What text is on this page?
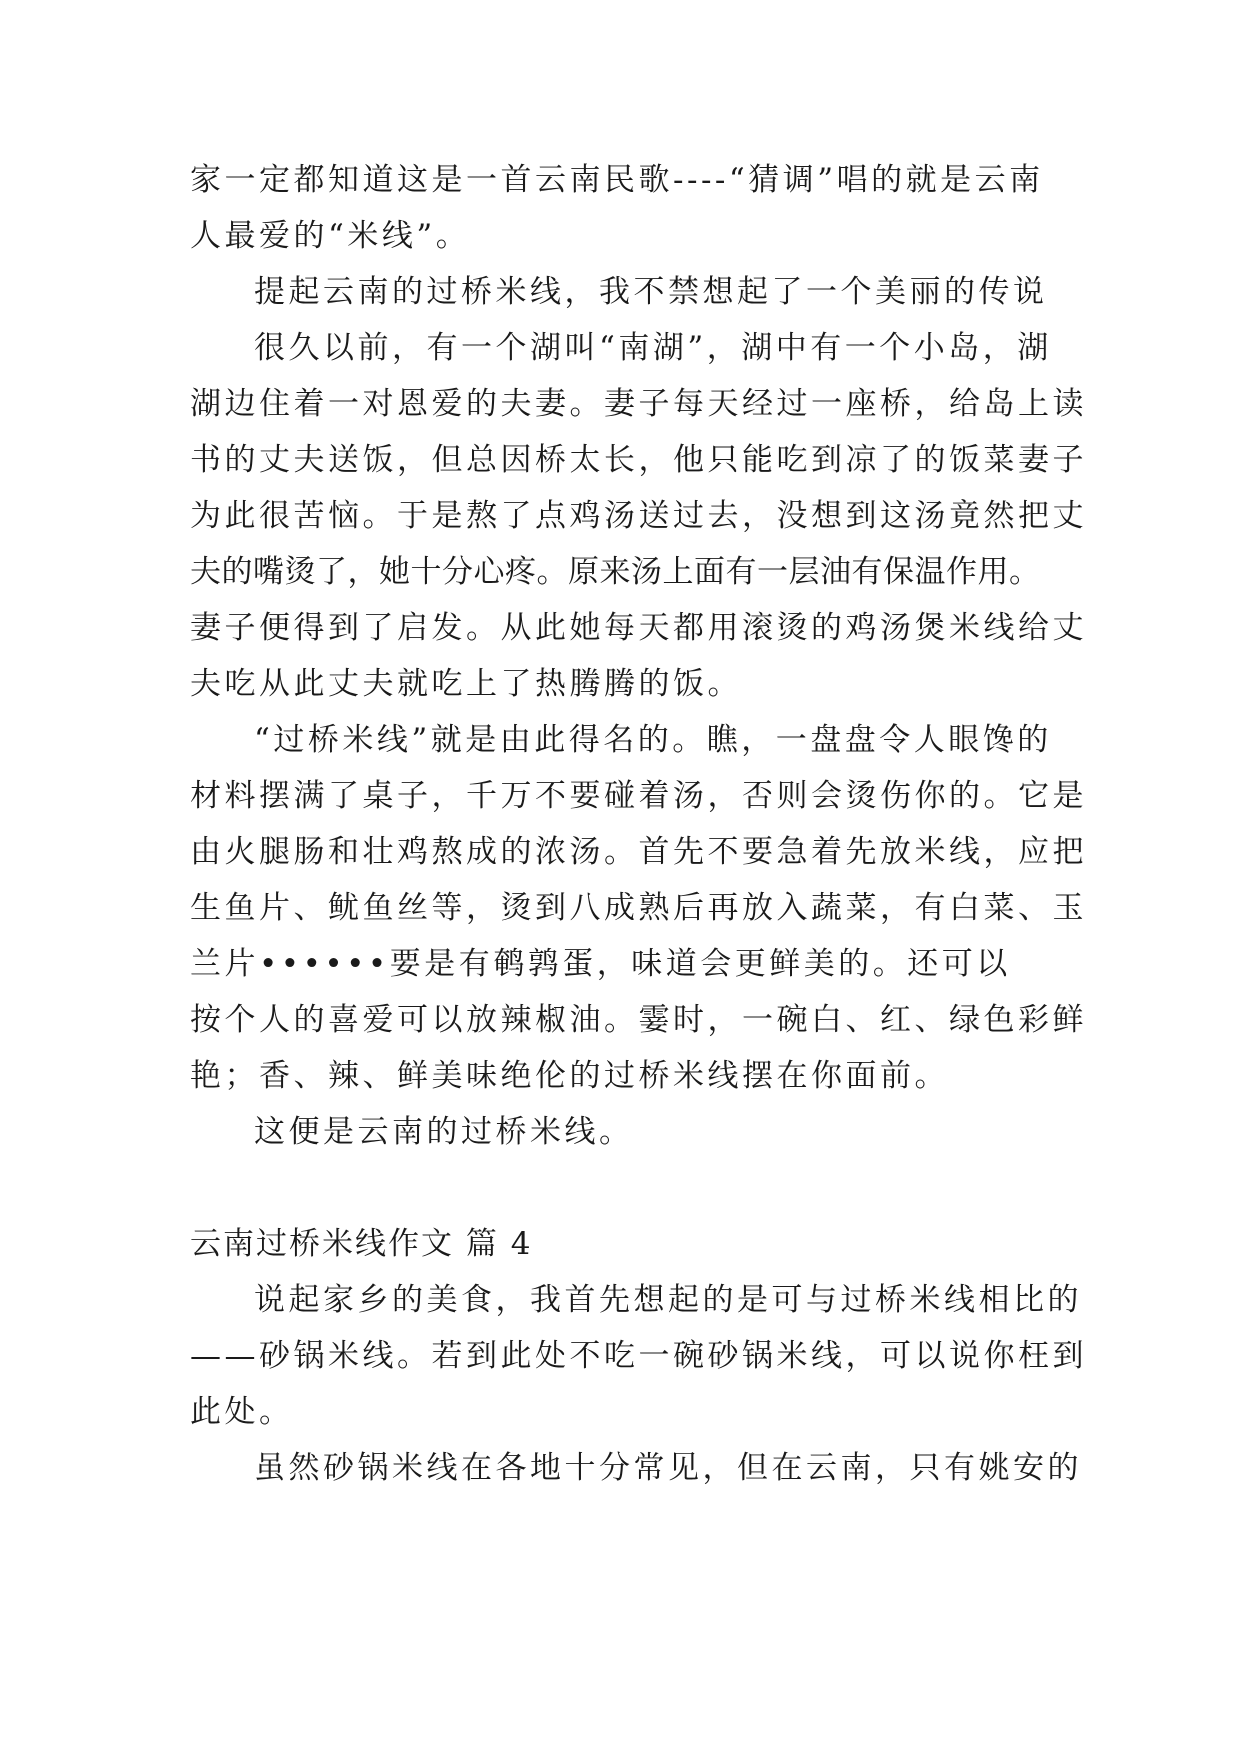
家一定都知道这是一首云南民歌----“猜调”唱的就是云南
人最爱的“米线”。
提起云南的过桥米线，我不禁想起了一个美丽的传说
很久以前，有一个湖叫“南湖”，湖中有一个小岛，湖
湖边住着一对恩爱的夫妻。妻子每天经过一座桥，给岛上读
书的丈夫送饭，但总因桥太长，他只能吃到凉了的饭菜妻子
为此很苦恼。于是熬了点鸡汤送过去，没想到这汤竟然把丈
夫的嘴烫了，她十分心疼。原来汤上面有一层油有保温作用。
妻子便得到了启发。从此她每天都用滚烫的鸡汤煲米线给丈
夫吃从此丈夫就吃上了热腾腾的饭。
“过桥米线”就是由此得名的。瞧，一盘盘令人眼馋的
材料摆满了桌子，千万不要碰着汤，否则会烫伤你的。它是
由火腿肠和壮鸡熬成的浓汤。首先不要急着先放米线，应把
生鱼片、鱿鱼丝等，烫到八成熟后再放入蔬菜，有白菜、玉
兰片••••••要是有鹌鹑蛋，味道会更鲜美的。还可以
按个人的喜爱可以放辣椒油。霎时，一碗白、红、绿色彩鲜
艳；香、辣、鲜美味绝伦的过桥米线摆在你面前。
这便是云南的过桥米线。
云南过桥米线作文 篇 4
说起家乡的美食，我首先想起的是可与过桥米线相比的
——砂锅米线。若到此处不吃一碗砂锅米线，可以说你枉到
此处。
虽然砂锅米线在各地十分常见，但在云南，只有姚安的
